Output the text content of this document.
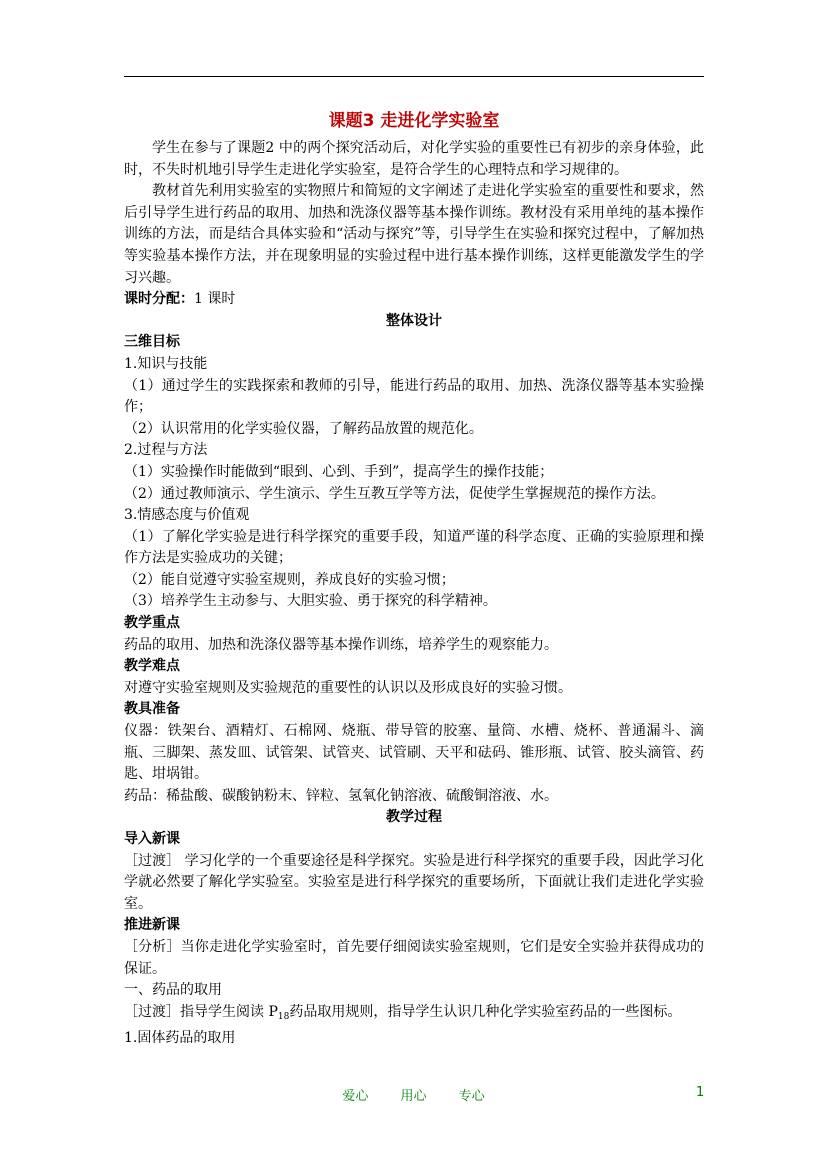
课题3 走进化学实验室

学生在参与了课题2 中的两个探究活动后，对化学实验的重要性已有初步的亲身体验，此时，不失时机地引导学生走进化学实验室，是符合学生的心理特点和学习规律的。

教材首先利用实验室的实物照片和简短的文字阐述了走进化学实验室的重要性和要求，然后引导学生进行药品的取用、加热和洗涤仪器等基本操作训练。教材没有采用单纯的基本操作训练的方法，而是结合具体实验和“活动与探究”等，引导学生在实验和探究过程中，了解加热等实验基本操作方法，并在现象明显的实验过程中进行基本操作训练，这样更能激发学生的学习兴趣。

课时分配：1 课时

整体设计

三维目标

1.知识与技能

（1）通过学生的实践探索和教师的引导，能进行药品的取用、加热、洗涤仪器等基本实验操作；

（2）认识常用的化学实验仪器，了解药品放置的规范化。

2.过程与方法

（1）实验操作时能做到“眼到、心到、手到”，提高学生的操作技能；

（2）通过教师演示、学生演示、学生互教互学等方法，促使学生掌握规范的操作方法。

3.情感态度与价值观

（1）了解化学实验是进行科学探究的重要手段，知道严谨的科学态度、正确的实验原理和操作方法是实验成功的关键；

（2）能自觉遵守实验室规则，养成良好的实验习惯；

（3）培养学生主动参与、大胆实验、勇于探究的科学精神。

教学重点

药品的取用、加热和洗涤仪器等基本操作训练，培养学生的观察能力。

教学难点

对遵守实验室规则及实验规范的重要性的认识以及形成良好的实验习惯。

教具准备

仪器：铁架台、酒精灯、石棉网、烧瓶、带导管的胶塞、量筒、水槽、烧杯、普通漏斗、滴瓶、三脚架、蒸发皿、试管架、试管夹、试管刷、天平和砝码、锥形瓶、试管、胶头滴管、药匙、坩埚钳。

药品：稀盐酸、碳酸钠粉末、锌粒、氢氧化钠溶液、硫酸铜溶液、水。

教学过程

导入新课

［过渡］ 学习化学的一个重要途径是科学探究。实验是进行科学探究的重要手段，因此学习化学就必然要了解化学实验室。实验室是进行科学探究的重要场所，下面就让我们走进化学实验室。

推进新课

［分析］当你走进化学实验室时，首先要仔细阅读实验室规则，它们是安全实验并获得成功的保证。

一、药品的取用

［过渡］指导学生阅读 $P_{18}$药品取用规则，指导学生认识几种化学实验室药品的一些图标。

1.固体药品的取用

爱心 用心 专心	1
